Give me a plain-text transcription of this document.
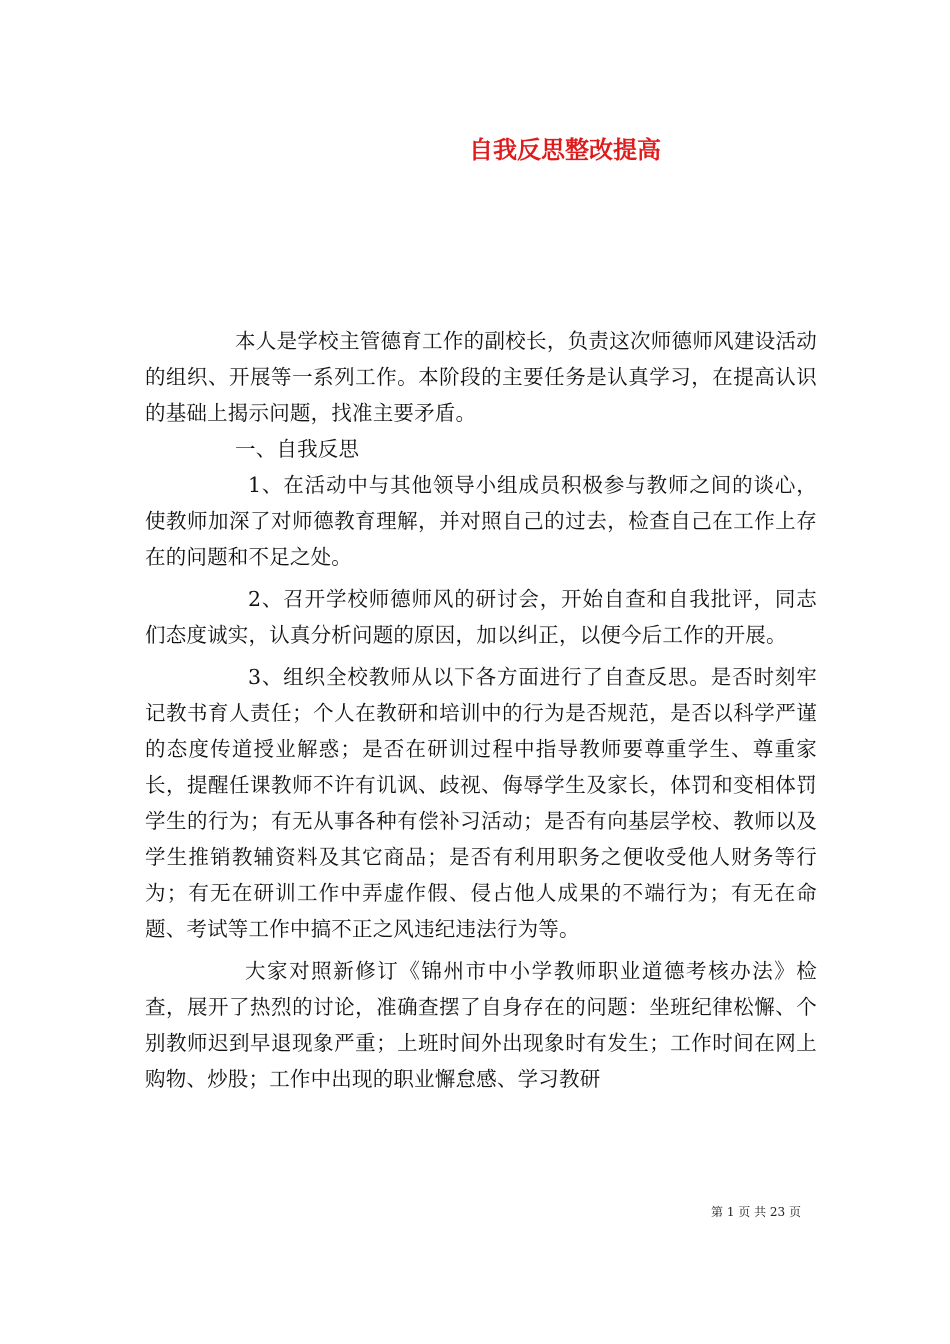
自我反思整改提高

本人是学校主管德育工作的副校长，负责这次师德师风建设活动的组织、开展等一系列工作。本阶段的主要任务是认真学习，在提高认识的基础上揭示问题，找准主要矛盾。

一、自我反思

1、在活动中与其他领导小组成员积极参与教师之间的谈心，使教师加深了对师德教育理解，并对照自己的过去，检查自己在工作上存在的问题和不足之处。

2、召开学校师德师风的研讨会，开始自查和自我批评，同志们态度诚实，认真分析问题的原因，加以纠正，以便今后工作的开展。

3、组织全校教师从以下各方面进行了自查反思。是否时刻牢记教书育人责任；个人在教研和培训中的行为是否规范，是否以科学严谨的态度传道授业解惑；是否在研训过程中指导教师要尊重学生、尊重家长，提醒任课教师不许有讥讽、歧视、侮辱学生及家长，体罚和变相体罚学生的行为；有无从事各种有偿补习活动；是否有向基层学校、教师以及学生推销教辅资料及其它商品；是否有利用职务之便收受他人财务等行为；有无在研训工作中弄虚作假、侵占他人成果的不端行为；有无在命题、考试等工作中搞不正之风违纪违法行为等。

大家对照新修订《锦州市中小学教师职业道德考核办法》检查，展开了热烈的讨论，准确查摆了自身存在的问题：坐班纪律松懈、个别教师迟到早退现象严重；上班时间外出现象时有发生；工作时间在网上购物、炒股；工作中出现的职业懈怠感、学习教研

第 1 页 共 23 页
